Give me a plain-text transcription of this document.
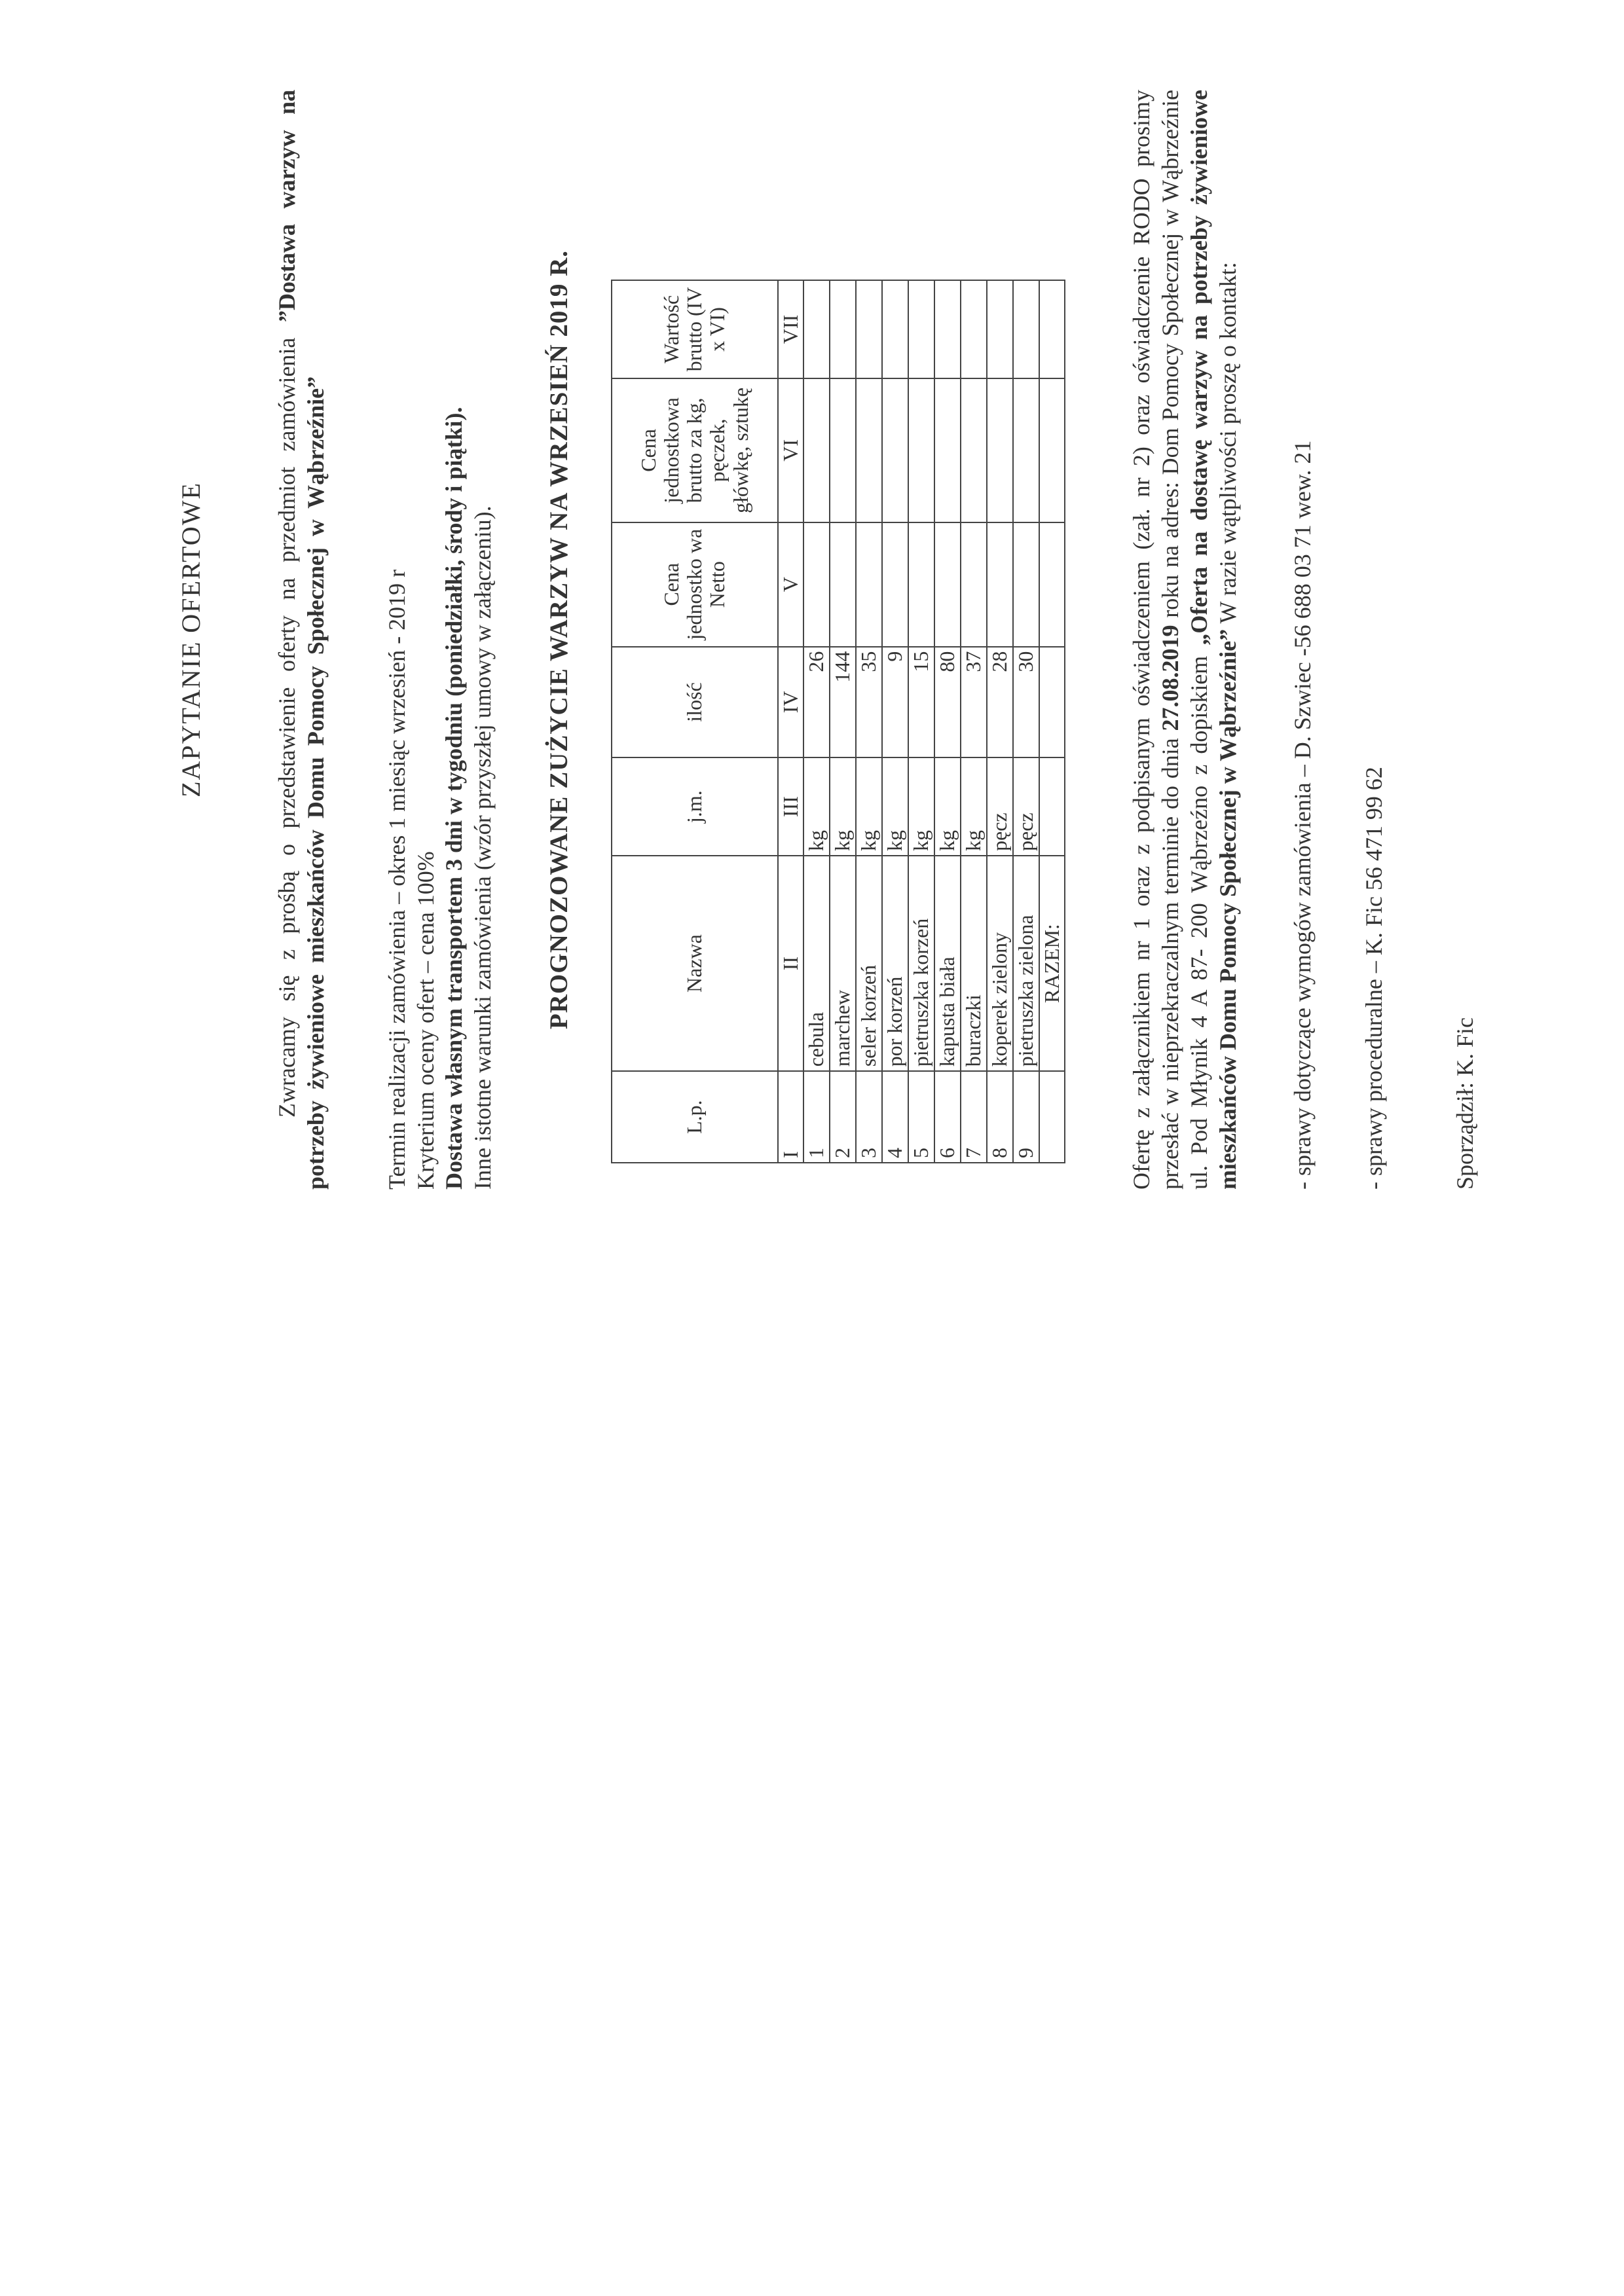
ZAPYTANIE OFERTOWE	Zwracamy się z prośbą o przedstawienie oferty na przedmiot zamówienia ”Dostawa warzyw na potrzeby żywieniowe mieszkańców Domu Pomocy Społecznej w Wąbrzeźnie” Termin realizacji zamówienia – okres 1 miesiąc wrzesień - 2019 r Kryterium oceny ofert – cena 100% Dostawa własnym transportem 3 dni w tygodniu (poniedziałki, środy i piątki). Inne istotne warunki zamówienia (wzór przyszłej umowy w załączeniu). PROGNOZOWANE ZUŻYCIE WARZYW NA WRZESIEŃ 2019 R.

L.p.	Nazwa	j.m.	ilość	Cena jednostko wa Netto	Cena jednostkowa brutto za kg, pęczek, główkę, sztukę	Wartość brutto (IV x VI)
I	II	III	IV	V	VI	VII
1	cebula	kg	26			
2	marchew	kg	144			
3	seler korzeń	kg	35			
4	por korzeń	kg	9			
5	pietruszka korzeń	kg	15			
6	kapusta biała	kg	80			
7	buraczki	kg	37			
8	koperek zielony	pęcz	28			
9	pietruszka zielona	pęcz	30			
	RAZEM:						Ofertę z załącznikiem nr 1 oraz z podpisanym oświadczeniem (zał. nr 2) oraz oświadczenie RODO prosimy przesłać w nieprzekraczalnym terminie do dnia 27.08.2019 roku na adres: Dom Pomocy Społecznej w Wąbrzeźnie ul. Pod Młynik 4 A 87- 200 Wąbrzeźno z dopiskiem „Oferta na dostawę warzyw na potrzeby żywieniowe mieszkańców Domu Pomocy Społecznej w Wąbrzeźnie” W razie wątpliwości proszę o kontakt: - sprawy dotyczące wymogów zamówienia – D. Szwiec -56 688 03 71 wew. 21 - sprawy proceduralne – K. Fic 56 471 99 62	Sporządził: K. Fic
